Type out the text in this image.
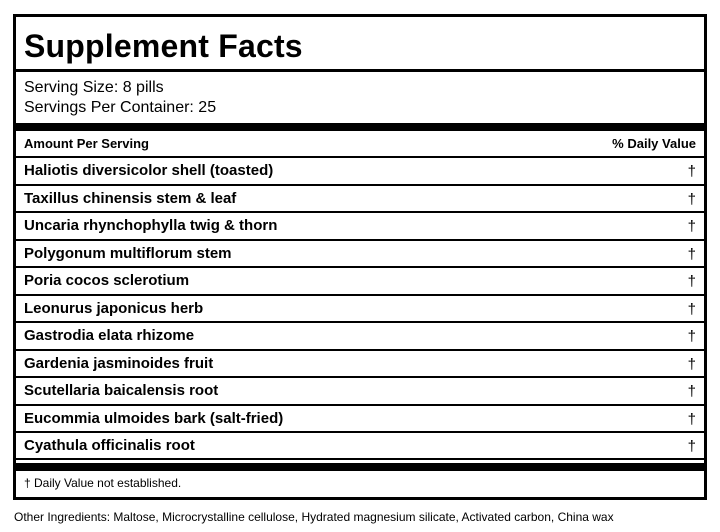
Supplement Facts
Serving Size: 8 pills
Servings Per Container: 25
Amount Per Serving	% Daily Value
Haliotis diversicolor shell (toasted)	†
Taxillus chinensis stem & leaf	†
Uncaria rhynchophylla twig & thorn	†
Polygonum multiflorum stem	†
Poria cocos sclerotium	†
Leonurus japonicus herb	†
Gastrodia elata rhizome	†
Gardenia jasminoides fruit	†
Scutellaria baicalensis root	†
Eucommia ulmoides bark (salt-fried)	†
Cyathula officinalis root	†
† Daily Value not established.
Other Ingredients: Maltose, Microcrystalline cellulose, Hydrated magnesium silicate, Activated carbon, China wax
